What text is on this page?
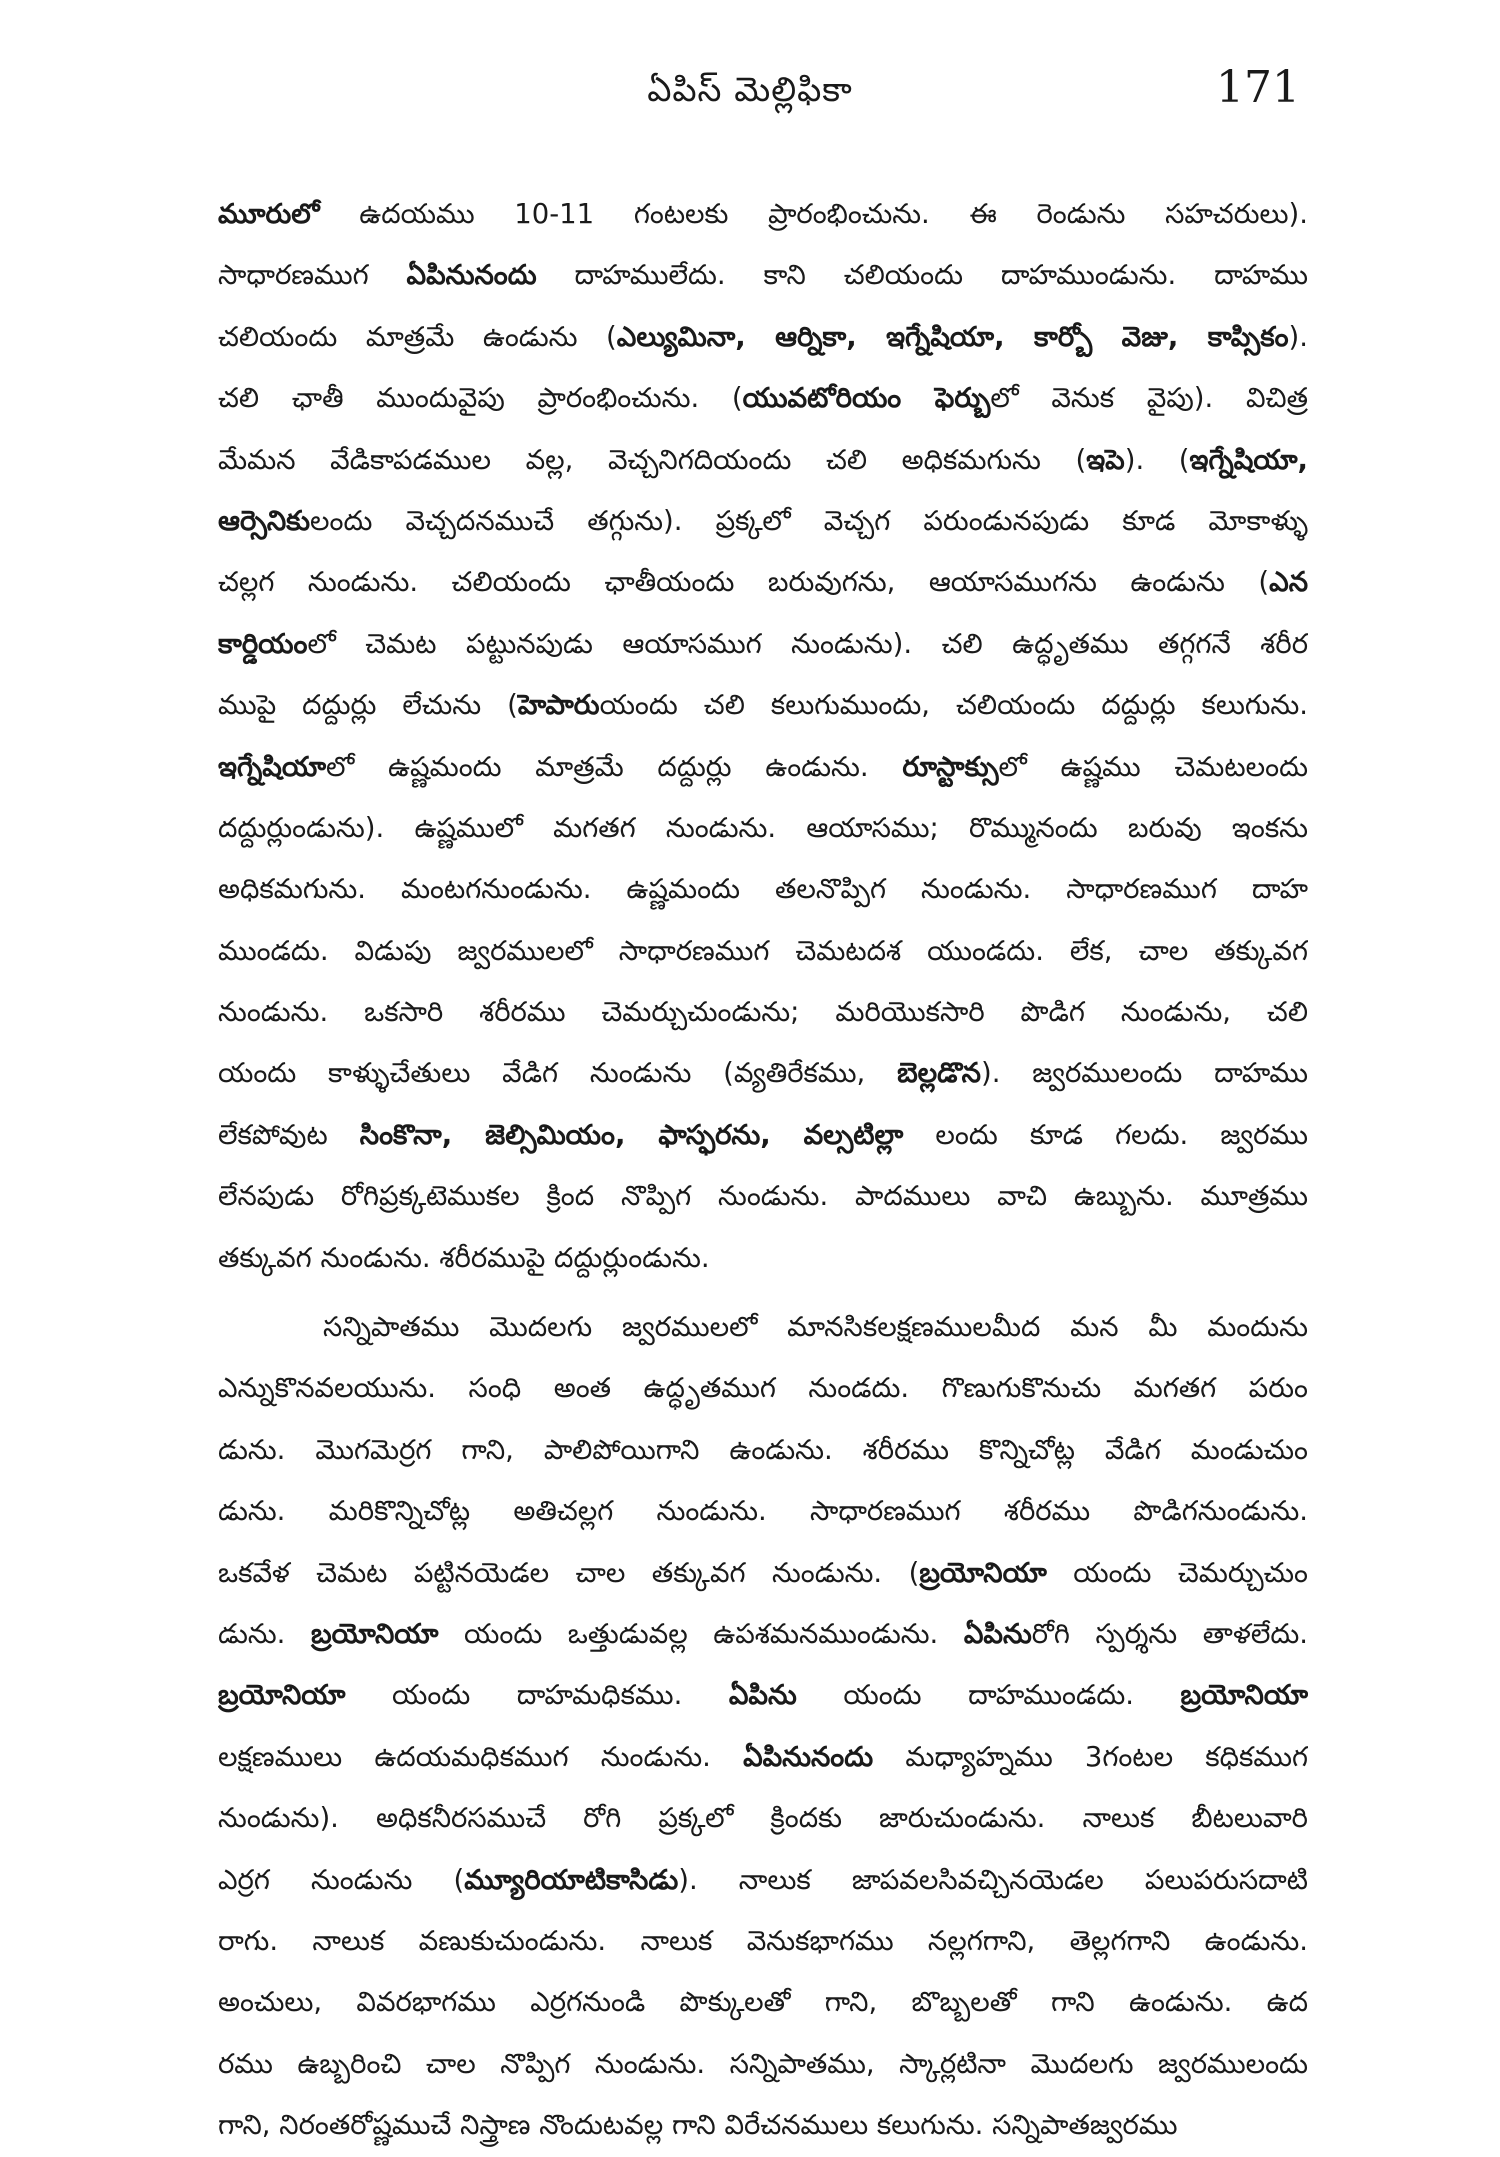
ఏపిస్ మెల్లిఫికా	171
మూరులో ఉదయము 10-11 గంటలకు ప్రారంభించును. ఈ రెండును సహచరులు).
సాధారణముగ ఏపినునందు దాహములేదు. కాని చలియందు దాహముండును. దాహము
చలియందు మాత్రమే ఉండును (ఎల్యుమినా, ఆర్నికా, ఇగ్నేషియా, కార్బో వెజు, కాప్సికం).
చలి ఛాతీ ముందువైపు ప్రారంభించును. (యువటోరియం ఫెర్బులో వెనుక వైపు). విచిత్ర
మేమన వేడికాపడముల వల్ల, వెచ్చనిగదియందు చలి అధికమగును (ఇపె). (ఇగ్నేషియా,
ఆర్సెనికులందు వెచ్చదనముచే తగ్గును). ప్రక్కలో వెచ్చగ పరుండునపుడు కూడ మోకాళ్ళు
చల్లగ నుండును. చలియందు ఛాతీయందు బరువుగను, ఆయాసముగను ఉండును (ఎన
కార్డియంలో చెమట పట్టునపుడు ఆయాసముగ నుండును). చలి ఉద్ధృతము తగ్గగనే శరీర
ముపై దద్దుర్లు లేచును (హెపారుయందు చలి కలుగుముందు, చలియందు దద్దుర్లు కలుగును.
ఇగ్నేషియాలో ఉష్ణమందు మాత్రమే దద్దుర్లు ఉండును. రూస్టాక్సులో ఉష్ణము చెమటలందు
దద్దుర్లుండును). ఉష్ణములో మగతగ నుండును. ఆయాసము; రొమ్మునందు బరువు ఇంకను
అధికమగును. మంటగనుండును. ఉష్ణమందు తలనొప్పిగ నుండును. సాధారణముగ దాహ
ముండదు. విడుపు జ్వరములలో సాధారణముగ చెమటదశ యుండదు. లేక, చాల తక్కువగ
నుండును. ఒకసారి శరీరము చెమర్చుచుండును; మరియొకసారి పొడిగ నుండును, చలి
యందు కాళ్ళుచేతులు వేడిగ నుండును (వ్యతిరేకము, బెల్లడొన). జ్వరములందు దాహము
లేకపోవుట సింకొనా, జెల్సిమియం, ఫాస్ఫరను, వల్సటిల్లా లందు కూడ గలదు. జ్వరము
లేనపుడు రోగిప్రక్కటెముకల క్రింద నొప్పిగ నుండును. పాదములు వాచి ఉబ్బును. మూత్రము
తక్కువగ నుండును. శరీరముపై దద్దుర్లుండును.
సన్నిపాతము మొదలగు జ్వరములలో మానసికలక్షణములమీద మన మీ మందును
ఎన్నుకొనవలయును. సంధి అంత ఉద్ధృతముగ నుండదు. గొణుగుకొనుచు మగతగ పరుం
డును. మొగమెర్రగ గాని, పాలిపోయిగాని ఉండును. శరీరము కొన్నిచోట్ల వేడిగ మండుచుం
డును. మరికొన్నిచోట్ల అతిచల్లగ నుండును. సాధారణముగ శరీరము పొడిగనుండును.
ఒకవేళ చెమట పట్టినయెడల చాల తక్కువగ నుండును. (బ్రయోనియా యందు చెమర్చుచుం
డును. బ్రయోనియా యందు ఒత్తుడువల్ల ఉపశమనముండును. ఏపినురోగి స్పర్శను తాళలేదు.
బ్రయోనియా యందు దాహమధికము. ఏపిను యందు దాహముండదు. బ్రయోనియా
లక్షణములు ఉదయమధికముగ నుండును. ఏపినునందు మధ్యాహ్నము 3గంటల కధికముగ
నుండును). అధికనీరసముచే రోగి ప్రక్కలో క్రిందకు జారుచుండును. నాలుక బీటలువారి
ఎర్రగ నుండును (మ్యూరియాటికాసిడు). నాలుక జాపవలసివచ్చినయెడల పలుపరుసదాటి
రాగు. నాలుక వణుకుచుండును. నాలుక వెనుకభాగము నల్లగగాని, తెల్లగగాని ఉండును.
అంచులు, వివరభాగము ఎర్రగనుండి పొక్కులతో గాని, బొబ్బలతో గాని ఉండును. ఉద
రము ఉబ్బరించి చాల నొప్పిగ నుండును. సన్నిపాతము, స్కార్లటినా మొదలగు జ్వరములందు
గాని, నిరంతరోష్ణముచే నిస్త్రాణ నొందుటవల్ల గాని విరేచనములు కలుగును. సన్నిపాతజ్వరము
